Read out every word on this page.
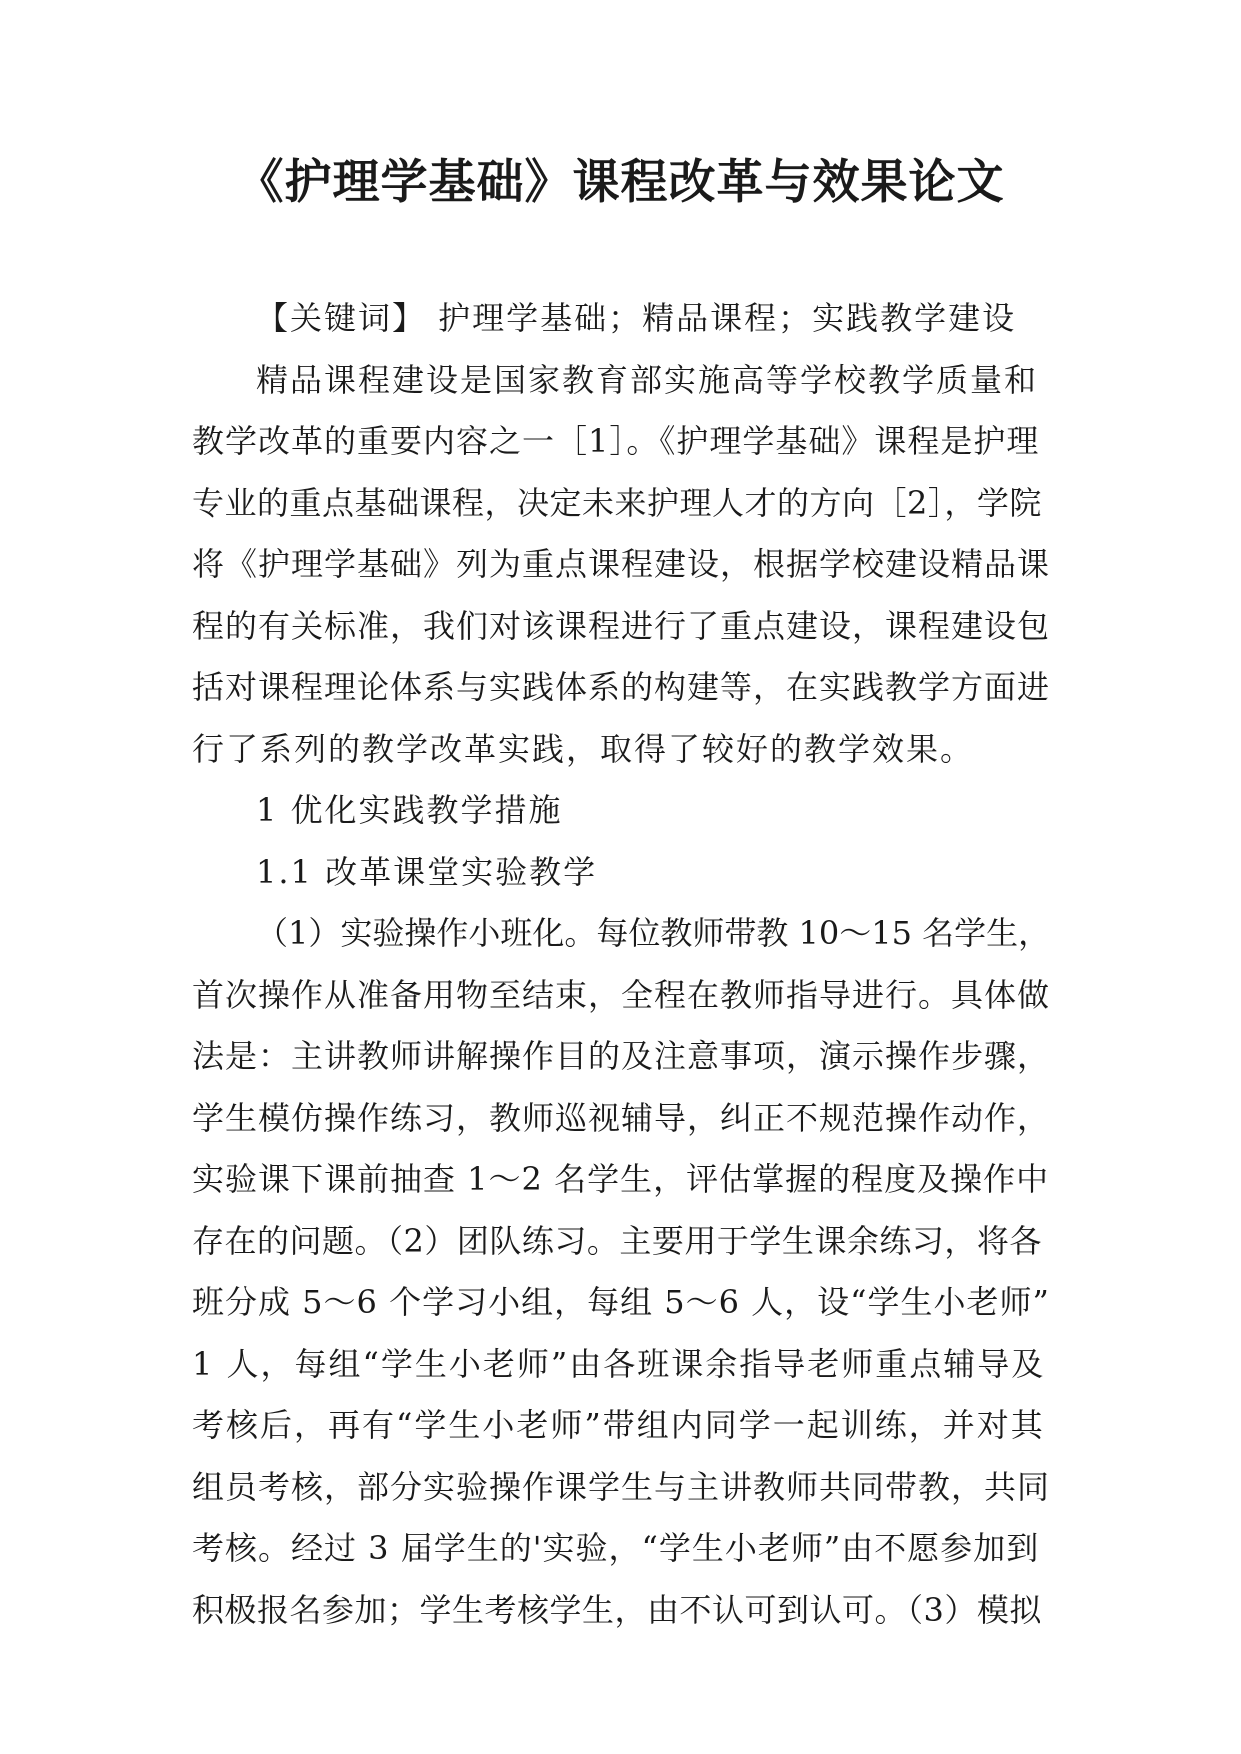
《护理学基础》课程改革与效果论文
【关键词】 护理学基础；精品课程；实践教学建设
精品课程建设是国家教育部实施高等学校教学质量和
教学改革的重要内容之一［1］。《护理学基础》课程是护理
专业的重点基础课程，决定未来护理人才的方向［2］，学院
将《护理学基础》列为重点课程建设，根据学校建设精品课
程的有关标准，我们对该课程进行了重点建设，课程建设包
括对课程理论体系与实践体系的构建等，在实践教学方面进
行了系列的教学改革实践，取得了较好的教学效果。
1 优化实践教学措施
1.1 改革课堂实验教学
（1）实验操作小班化。每位教师带教 10～15 名学生，
首次操作从准备用物至结束，全程在教师指导进行。具体做
法是：主讲教师讲解操作目的及注意事项，演示操作步骤，
学生模仿操作练习，教师巡视辅导，纠正不规范操作动作，
实验课下课前抽查 1～2 名学生，评估掌握的程度及操作中
存在的问题。（2）团队练习。主要用于学生课余练习，将各
班分成 5～6 个学习小组，每组 5～6 人，设“学生小老师”
1 人，每组“学生小老师”由各班课余指导老师重点辅导及
考核后，再有“学生小老师”带组内同学一起训练，并对其
组员考核，部分实验操作课学生与主讲教师共同带教，共同
考核。经过 3 届学生的'实验，“学生小老师”由不愿参加到
积极报名参加；学生考核学生，由不认可到认可。（3）模拟
